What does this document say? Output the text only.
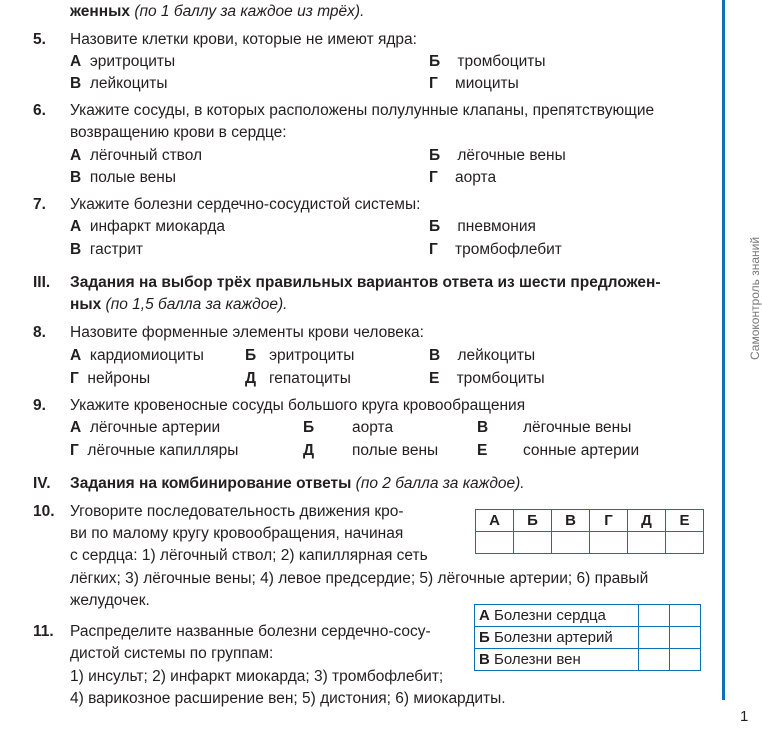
женных (по 1 баллу за каждое из трёх).
5. Назовите клетки крови, которые не имеют ядра:
А эритроциты	Б тромбоциты
В лейкоциты	Г миоциты
6. Укажите сосуды, в которых расположены полулунные клапаны, препятствующие
возвращению крови в сердце:
А лёгочный ствол	Б лёгочные вены
В полые вены	Г аорта
7. Укажите болезни сердечно-сосудистой системы:
А инфаркт миокарда	Б пневмония
В гастрит	Г тромбофлебит
III. Задания на выбор трёх правильных вариантов ответа из шести предложен-
ных (по 1,5 балла за каждое).
8. Назовите форменные элементы крови человека:
А кардиомиоциты	Б эритроциты	В лейкоциты
Г нейроны	Д гепатоциты	Е тромбоциты
9. Укажите кровеносные сосуды большого круга кровообращения
А лёгочные артерии	Б аорта	В лёгочные вены
Г лёгочные капилляры	Д полые вены	Е сонные артерии
IV. Задания на комбинирование ответы (по 2 балла за каждое).
10. Уговорите последовательность движения кро-
ви по малому кругу кровообращения, начиная
с сердца: 1) лёгочный ствол; 2) капиллярная сеть
лёгких; 3) лёгочные вены; 4) левое предсердие; 5) лёгочные артерии; 6) правый
желудочек.
А	Б	В	Г	Д	Е

11. Распределите названные болезни сердечно-сосу-
дистой системы по группам:
1) инсульт; 2) инфаркт миокарда; 3) тромбофлебит;
4) варикозное расширение вен; 5) дистония; 6) миокардиты.
А Болезни сердца		
Б Болезни артерий		
В Болезни вен		
Самоконтроль знаний
1
